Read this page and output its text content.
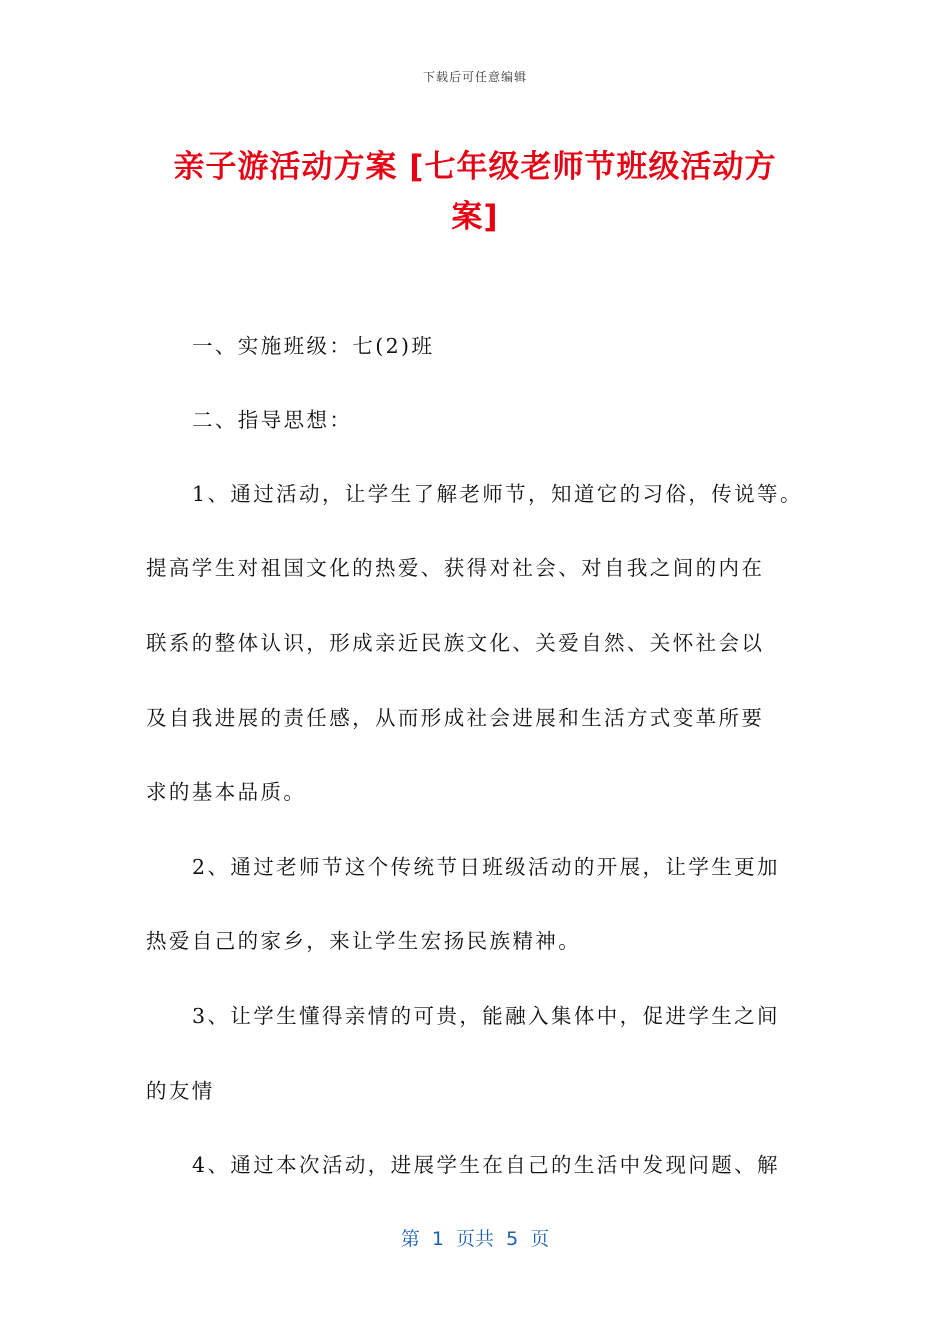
下载后可任意编辑
亲子游活动方案 [七年级老师节班级活动方
案]
一、实施班级：七(2)班
二、指导思想：
1、通过活动，让学生了解老师节，知道它的习俗，传说等。
提高学生对祖国文化的热爱、获得对社会、对自我之间的内在
联系的整体认识，形成亲近民族文化、关爱自然、关怀社会以
及自我进展的责任感，从而形成社会进展和生活方式变革所要
求的基本品质。
2、通过老师节这个传统节日班级活动的开展，让学生更加
热爱自己的家乡，来让学生宏扬民族精神。
3、让学生懂得亲情的可贵，能融入集体中，促进学生之间
的友情
4、通过本次活动，进展学生在自己的生活中发现问题、解
第  1  页共  5  页
